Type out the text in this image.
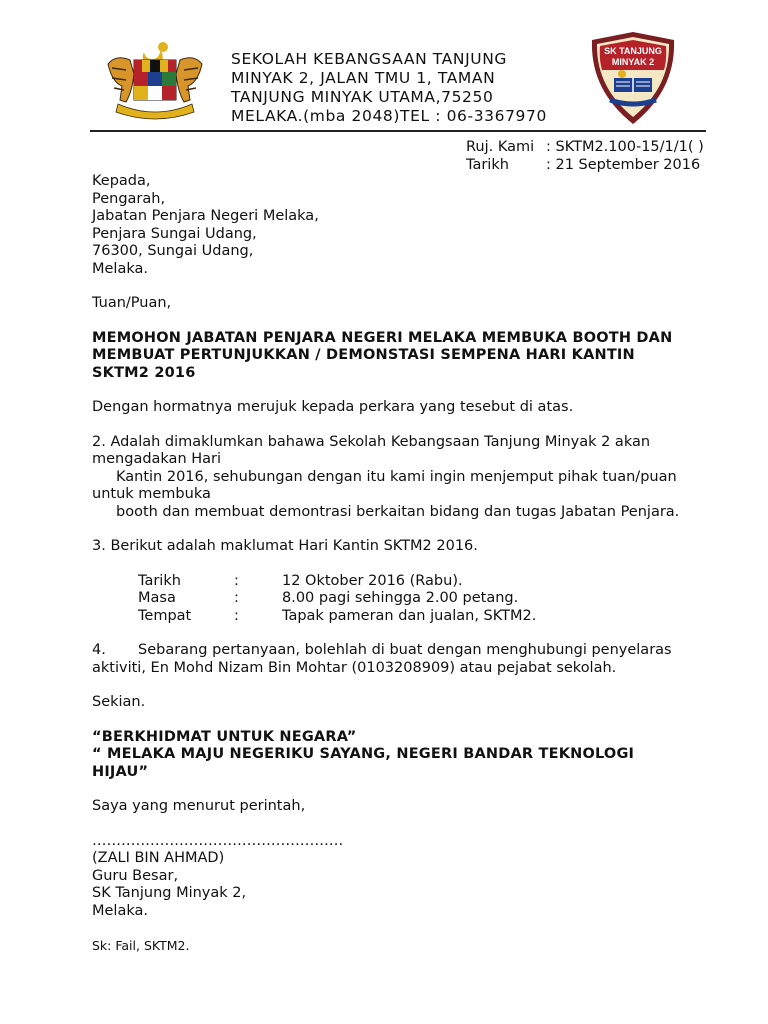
SEKOLAH KEBANGSAAN TANJUNG
MINYAK 2, JALAN TMU 1, TAMAN
TANJUNG MINYAK UTAMA,75250
MELAKA.(mba 2048)TEL : 06-3367970
SK TANJUNG
MINYAK 2
Ruj. Kami : SKTM2.100-15/1/1( )
Tarikh	: 21 September 2016
Kepada,
Pengarah,
Jabatan Penjara Negeri Melaka,
Penjara Sungai Udang,
76300, Sungai Udang,
Melaka.
Tuan/Puan,
MEMOHON JABATAN PENJARA NEGERI MELAKA MEMBUKA BOOTH DAN
MEMBUAT PERTUNJUKKAN / DEMONSTASI SEMPENA HARI KANTIN
SKTM2 2016
Dengan hormatnya merujuk kepada perkara yang tesebut di atas.
2. Adalah dimaklumkan bahawa Sekolah Kebangsaan Tanjung Minyak 2 akan
mengadakan Hari
Kantin 2016, sehubungan dengan itu kami ingin menjemput pihak tuan/puan
untuk membuka
booth dan membuat demontrasi berkaitan bidang dan tugas Jabatan Penjara.
3. Berikut adalah maklumat Hari Kantin SKTM2 2016.
Tarikh	:	12 Oktober 2016 (Rabu).
Masa	:	8.00 pagi sehingga 2.00 petang.
Tempat	:	Tapak pameran dan jualan, SKTM2.
4. Sebarang pertanyaan, bolehlah di buat dengan menghubungi penyelaras
aktiviti, En Mohd Nizam Bin Mohtar (0103208909) atau pejabat sekolah.
Sekian.
“BERKHIDMAT UNTUK NEGARA”
“ MELAKA MAJU NEGERIKU SAYANG, NEGERI BANDAR TEKNOLOGI
HIJAU”
Saya yang menurut perintah,
…………………………………………….
(ZALI BIN AHMAD)
Guru Besar,
SK Tanjung Minyak 2,
Melaka.
Sk: Fail, SKTM2.
